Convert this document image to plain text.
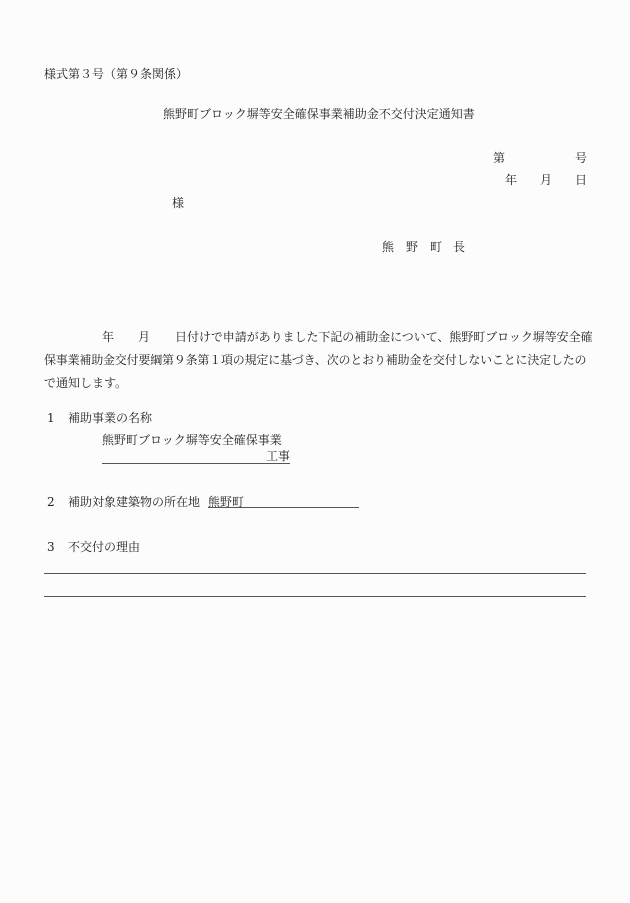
様式第３号（第９条関係）
熊野町ブロック塀等安全確保事業補助金不交付決定通知書
第	号
年 月 日
様
熊 野 町 長
年 月 日付けで申請がありました下記の補助金について、熊野町ブロック塀等安全確
保事業補助金交付要綱第９条第１項の規定に基づき、次のとおり補助金を交付しないことに決定したの
で通知します。
1 補助事業の名称
熊野町ブロック塀等安全確保事業
工事
2 補助対象建築物の所在地 熊野町
3 不交付の理由
